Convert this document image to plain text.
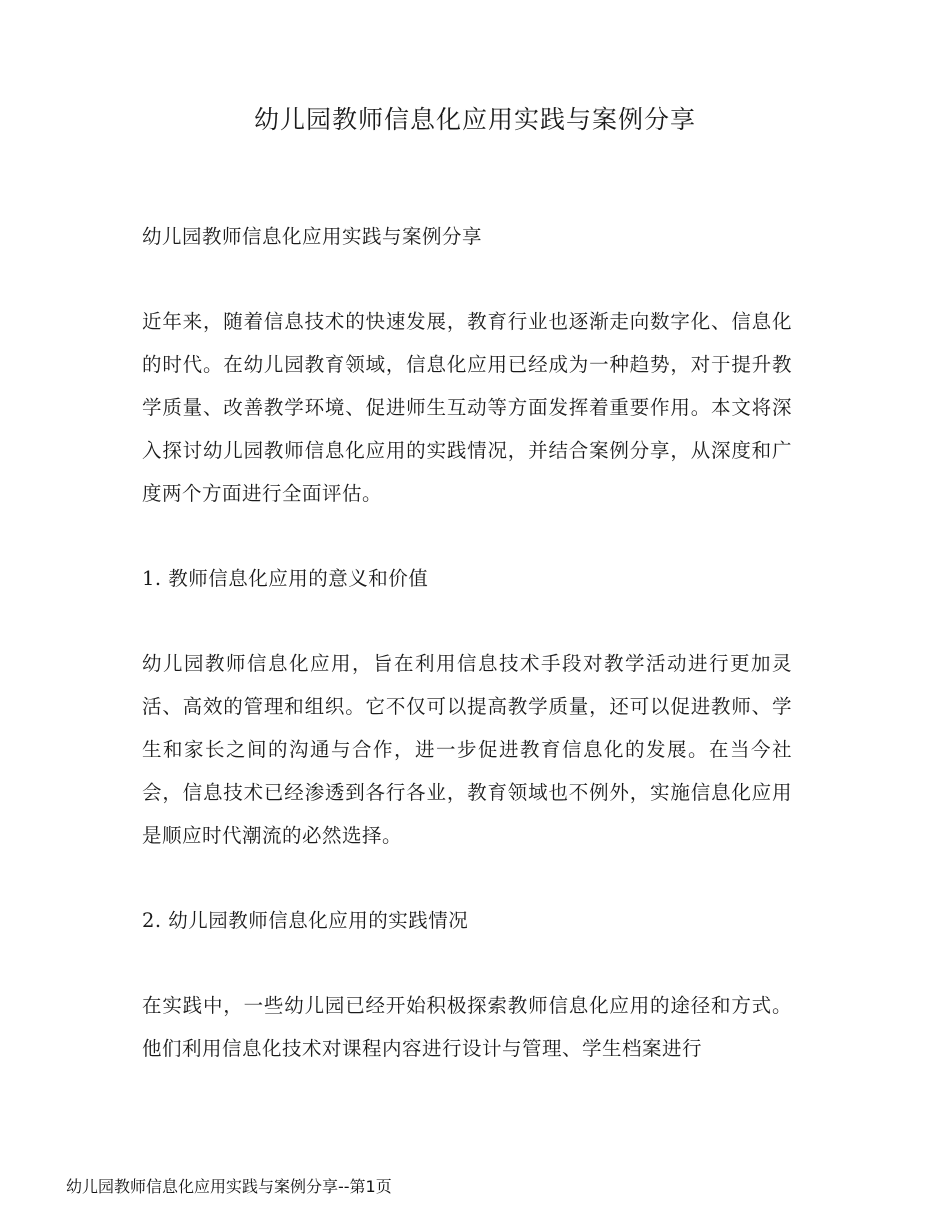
幼儿园教师信息化应用实践与案例分享

幼儿园教师信息化应用实践与案例分享

近年来，随着信息技术的快速发展，教育行业也逐渐走向数字化、信息化的时代。在幼儿园教育领域，信息化应用已经成为一种趋势，对于提升教学质量、改善教学环境、促进师生互动等方面发挥着重要作用。本文将深入探讨幼儿园教师信息化应用的实践情况，并结合案例分享，从深度和广度两个方面进行全面评估。

1. 教师信息化应用的意义和价值

幼儿园教师信息化应用，旨在利用信息技术手段对教学活动进行更加灵活、高效的管理和组织。它不仅可以提高教学质量，还可以促进教师、学生和家长之间的沟通与合作，进一步促进教育信息化的发展。在当今社会，信息技术已经渗透到各行各业，教育领域也不例外，实施信息化应用是顺应时代潮流的必然选择。

2. 幼儿园教师信息化应用的实践情况

在实践中，一些幼儿园已经开始积极探索教师信息化应用的途径和方式。他们利用信息化技术对课程内容进行设计与管理、学生档案进行

幼儿园教师信息化应用实践与案例分享--第1页
